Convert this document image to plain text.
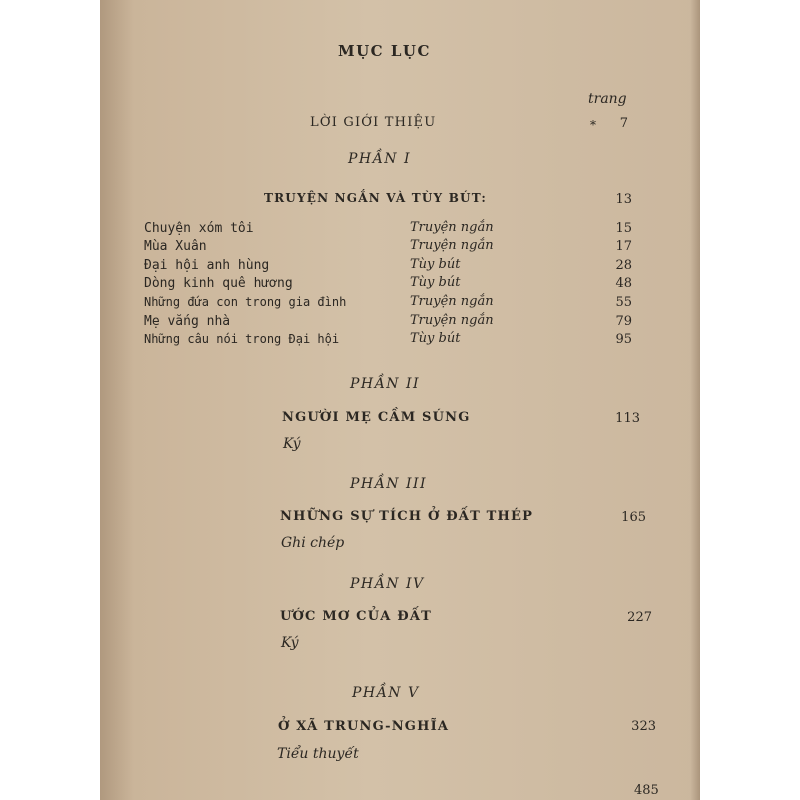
MỤC LỤC
trang
LỜI GIỚI THIỆU	*	7
PHẦN I
TRUYỆN NGẮN VÀ TÙY BÚT:	13
Chuyện xóm tôi	Truyện ngắn	15
Mùa Xuân	Truyện ngắn	17
Đại hội anh hùng	Tùy bút	28
Dòng kinh quê hương	Tùy bút	48
Những đứa con trong gia đình	Truyện ngắn	55
Mẹ vắng nhà	Truyện ngắn	79
Những câu nói trong Đại hội	Tùy bút	95
PHẦN II
NGƯỜI MẸ CẦM SÚNG	113
Ký
PHẦN III
NHỮNG SỰ TÍCH Ở ĐẤT THÉP	165
Ghi chép
PHẦN IV
ƯỚC MƠ CỦA ĐẤT	227
Ký
PHẦN V
Ở XÃ TRUNG-NGHĨA	323
Tiểu thuyết
485
